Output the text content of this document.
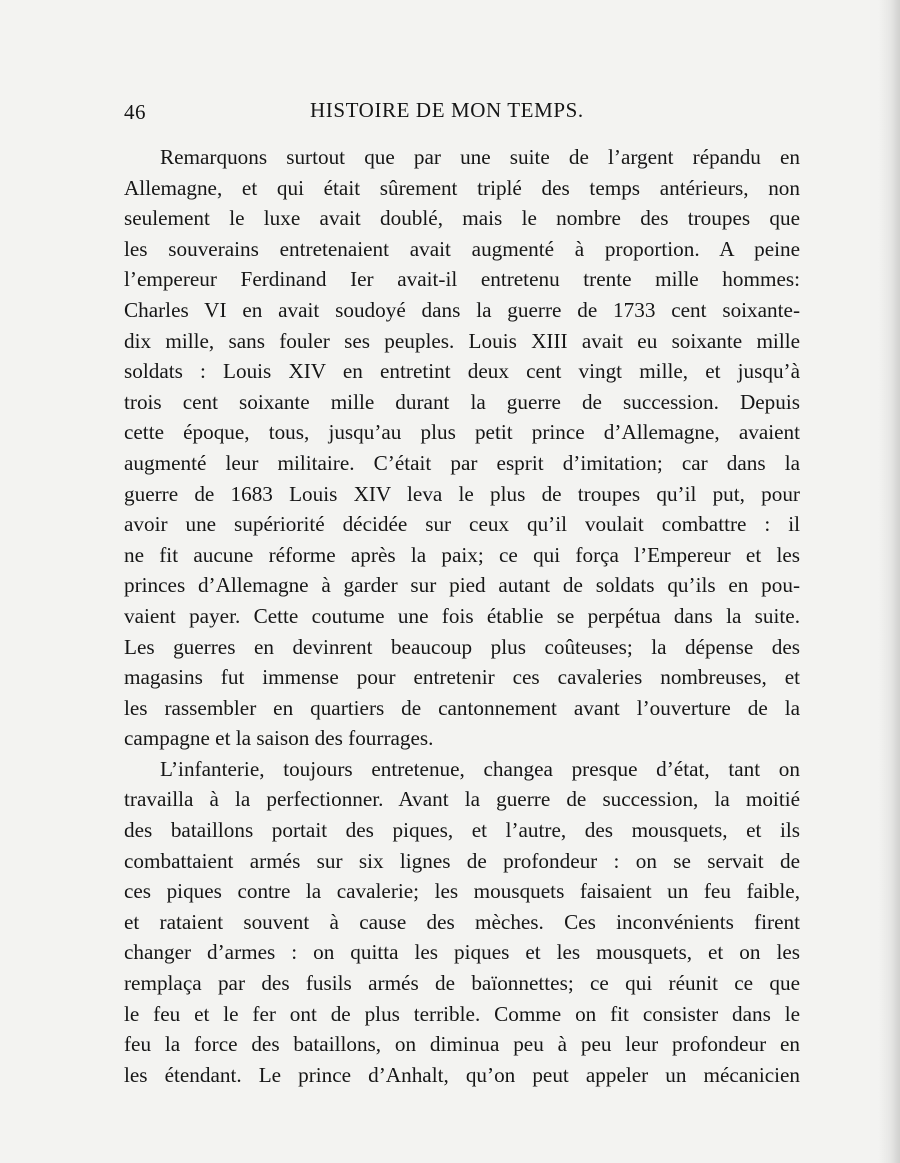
46	HISTOIRE DE MON TEMPS.
Remarquons surtout que par une suite de l’argent répandu en
Allemagne, et qui était sûrement triplé des temps antérieurs, non
seulement le luxe avait doublé, mais le nombre des troupes que
les souverains entretenaient avait augmenté à proportion. A peine
l’empereur Ferdinand Ier avait-il entretenu trente mille hommes:
Charles VI en avait soudoyé dans la guerre de 1733 cent soixante-
dix mille, sans fouler ses peuples. Louis XIII avait eu soixante mille
soldats : Louis XIV en entretint deux cent vingt mille, et jusqu’à
trois cent soixante mille durant la guerre de succession. Depuis
cette époque, tous, jusqu’au plus petit prince d’Allemagne, avaient
augmenté leur militaire. C’était par esprit d’imitation; car dans la
guerre de 1683 Louis XIV leva le plus de troupes qu’il put, pour
avoir une supériorité décidée sur ceux qu’il voulait combattre : il
ne fit aucune réforme après la paix; ce qui força l’Empereur et les
princes d’Allemagne à garder sur pied autant de soldats qu’ils en pou-
vaient payer. Cette coutume une fois établie se perpétua dans la suite.
Les guerres en devinrent beaucoup plus coûteuses; la dépense des
magasins fut immense pour entretenir ces cavaleries nombreuses, et
les rassembler en quartiers de cantonnement avant l’ouverture de la
campagne et la saison des fourrages.
L’infanterie, toujours entretenue, changea presque d’état, tant on
travailla à la perfectionner. Avant la guerre de succession, la moitié
des bataillons portait des piques, et l’autre, des mousquets, et ils
combattaient armés sur six lignes de profondeur : on se servait de
ces piques contre la cavalerie; les mousquets faisaient un feu faible,
et rataient souvent à cause des mèches. Ces inconvénients firent
changer d’armes : on quitta les piques et les mousquets, et on les
remplaça par des fusils armés de baïonnettes; ce qui réunit ce que
le feu et le fer ont de plus terrible. Comme on fit consister dans le
feu la force des bataillons, on diminua peu à peu leur profondeur en
les étendant. Le prince d’Anhalt, qu’on peut appeler un mécanicien
